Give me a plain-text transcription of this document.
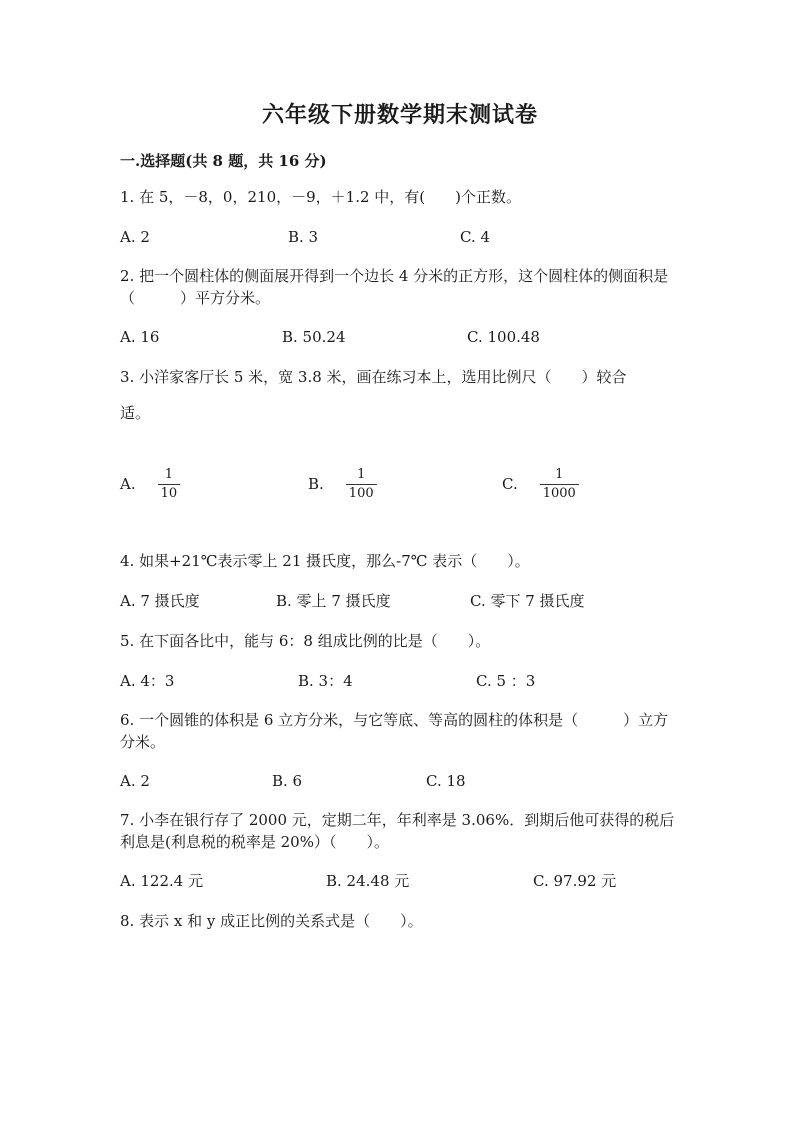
六年级下册数学期末测试卷
一.选择题(共 8 题，共 16 分)
1. 在 5，－8，0，210，－9，＋1.2 中，有(　　)个正数。
A. 2	B. 3	C. 4
2. 把一个圆柱体的侧面展开得到一个边长 4 分米的正方形，这个圆柱体的侧面积是（　　　）平方分米。
A. 16	B. 50.24	C. 100.48
3. 小洋家客厅长 5 米，宽 3.8 米，画在练习本上，选用比例尺（　　）较合
适。
A. $\frac{1}{10}$	B. $\frac{1}{100}$	C. $\frac{1}{1000}$
4. 如果+21℃表示零上 21 摄氏度，那么-7℃ 表示（　　）。
A. 7 摄氏度	B. 零上 7 摄氏度	C. 零下 7 摄氏度
5. 在下面各比中，能与 6：8 组成比例的比是（　　）。
A. 4：3	B. 3：4	C. 5 ：3
6. 一个圆锥的体积是 6 立方分米，与它等底、等高的圆柱的体积是（　　　）立方分米。
A. 2	B. 6	C. 18
7. 小李在银行存了 2000 元，定期二年，年利率是 3.06%．到期后他可获得的税后利息是(利息税的税率是 20%）（　　）。
A. 122.4 元	B. 24.48 元	C. 97.92 元
8. 表示 x 和 y 成正比例的关系式是（　　）。
